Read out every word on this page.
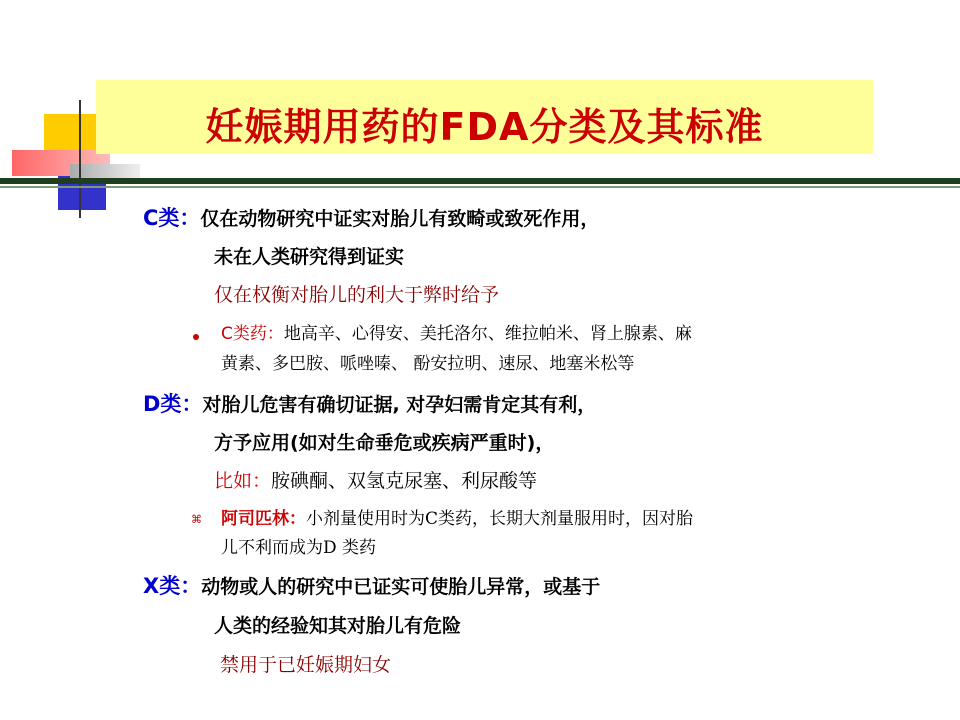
妊娠期用药的FDA分类及其标准
C类：仅在动物研究中证实对胎儿有致畸或致死作用，
未在人类研究得到证实
仅在权衡对胎儿的利大于弊时给予
C类药：地高辛、心得安、美托洛尔、维拉帕米、肾上腺素、麻
黄素、多巴胺、哌唑嗪、 酚安拉明、速尿、地塞米松等
D类：对胎儿危害有确切证据, 对孕妇需肯定其有利，
方予应用(如对生命垂危或疾病严重时)，
比如：胺碘酮、双氢克尿塞、利尿酸等
⌘ 阿司匹林：小剂量使用时为C类药，长期大剂量服用时，因对胎
儿不利而成为D 类药
X类：动物或人的研究中已证实可使胎儿异常，或基于
人类的经验知其对胎儿有危险
禁用于已妊娠期妇女
